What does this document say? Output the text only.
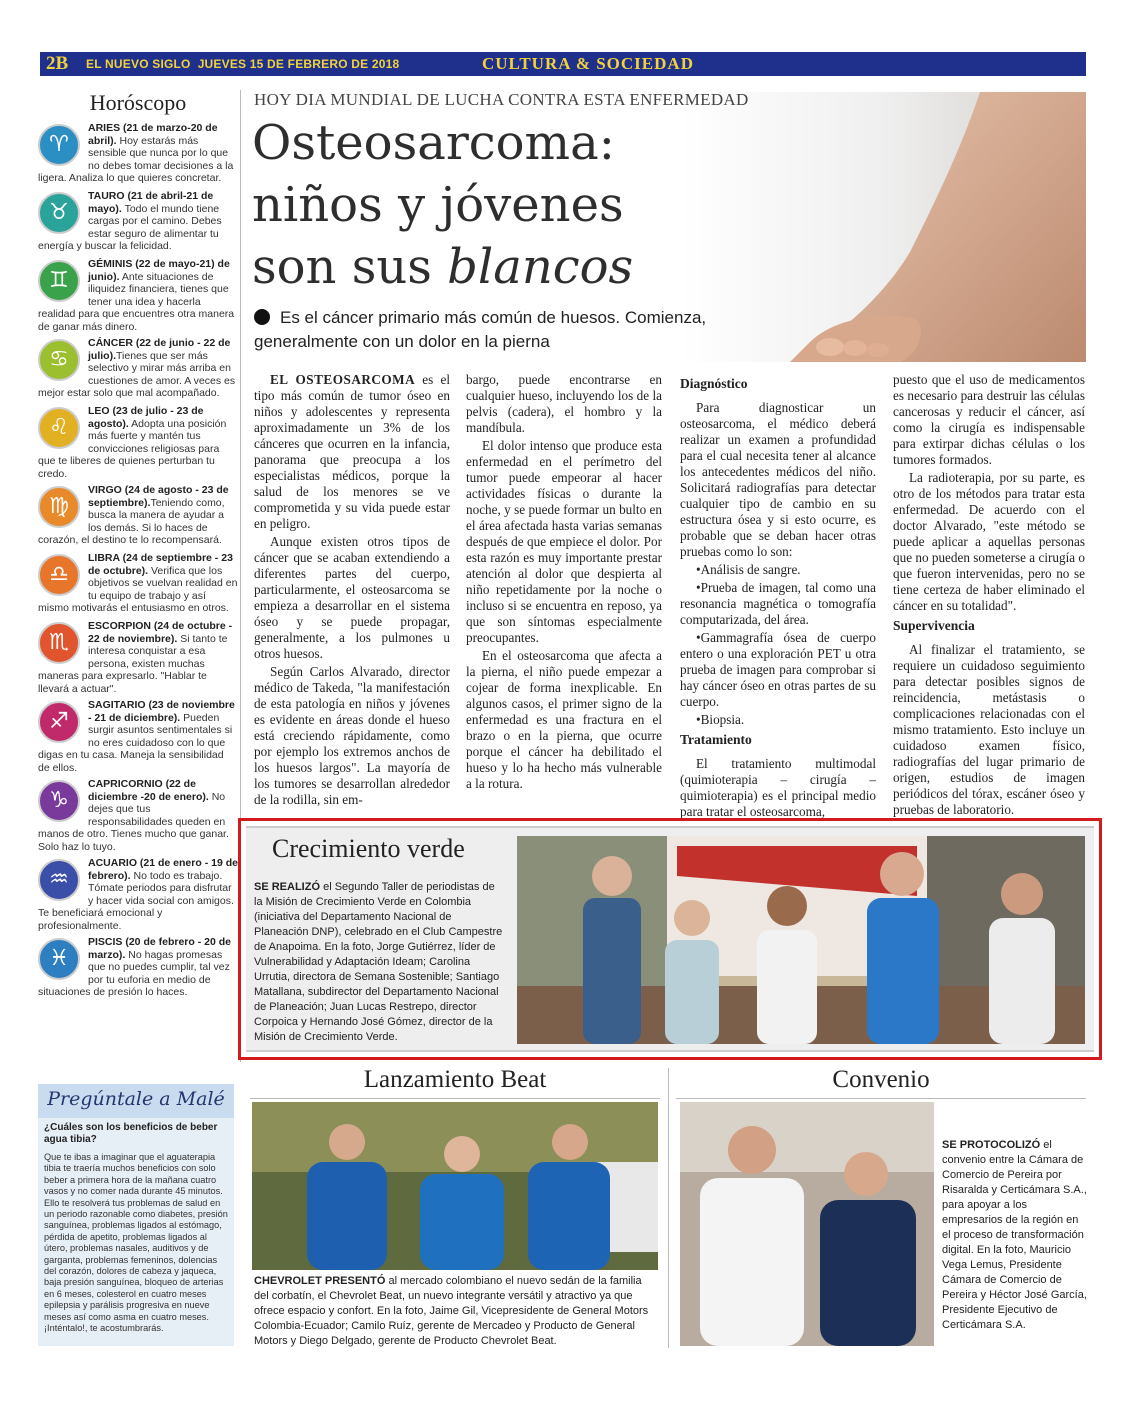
2B EL NUEVO SIGLO JUEVES 15 DE FEBRERO DE 2018	CULTURA & SOCIEDAD
Horóscopo
♈
ARIES (21 de marzo-20 de abril). Hoy estarás más sensible que nunca por lo que no debes tomar decisiones a la ligera. Analiza lo que quieres concretar.
♉
TAURO (21 de abril-21 de mayo). Todo el mundo tiene cargas por el camino. Debes estar seguro de alimentar tu energía y buscar la felicidad.
♊
GÉMINIS (22 de mayo-21) de junio). Ante situaciones de iliquidez financiera, tienes que tener una idea y hacerla realidad para que encuentres otra manera de ganar más dinero.
♋
CÁNCER (22 de junio - 22 de julio).Tienes que ser más selectivo y mirar más arriba en cuestiones de amor. A veces es mejor estar solo que mal acompañado.
♌
LEO (23 de julio - 23 de agosto). Adopta una posición más fuerte y mantén tus convicciones religiosas para que te liberes de quienes perturban tu credo.
♍
VIRGO (24 de agosto - 23 de septiembre).Teniendo como, busca la manera de ayudar a los demás. Si lo haces de corazón, el destino te lo recompensará.
♎
LIBRA (24 de septiembre - 23 de octubre). Verifica que los objetivos se vuelvan realidad en tu equipo de trabajo y así mismo motivarás el entusiasmo en otros.
♏
ESCORPION (24 de octubre - 22 de noviembre). Si tanto te interesa conquistar a esa persona, existen muchas maneras para expresarlo. "Hablar te llevará a actuar".
♐
SAGITARIO (23 de noviembre - 21 de diciembre). Pueden surgir asuntos sentimentales si no eres cuidadoso con lo que digas en tu casa. Maneja la sensibilidad de ellos.
♑
CAPRICORNIO (22 de diciembre -20 de enero). No dejes que tus responsabilidades queden en manos de otro. Tienes mucho que ganar. Solo haz lo tuyo.
♒
ACUARIO (21 de enero - 19 de febrero). No todo es trabajo. Tómate periodos para disfrutar y hacer vida social con amigos. Te beneficiará emocional y profesionalmente.
♓
PISCIS (20 de febrero - 20 de marzo). No hagas promesas que no puedes cumplir, tal vez por tu euforia en medio de situaciones de presión lo haces.
Pregúntale a Malé
¿Cuáles son los beneficios de beber agua tibia?
Que te ibas a imaginar que el aguaterapia tibia te traería muchos beneficios con solo beber a primera hora de la mañana cuatro vasos y no comer nada durante 45 minutos. Ello te resolverá tus problemas de salud en un periodo razonable como diabetes, presión sanguínea, problemas ligados al estómago, pérdida de apetito, problemas ligados al útero, problemas nasales, auditivos y de garganta, problemas femeninos, dolencias del corazón, dolores de cabeza y jaqueca, baja presión sanguínea, bloqueo de arterias en 6 meses, colesterol en cuatro meses epilepsia y parálisis progresiva en nueve meses así como asma en cuatro meses. ¡Inténtalo!, te acostumbrarás.
HOY DIA MUNDIAL DE LUCHA CONTRA ESTA ENFERMEDAD
Osteosarcoma:
niños y jóvenes
son sus blancos
Es el cáncer primario más común de huesos. Comienza, generalmente con un dolor en la pierna

EL OSTEOSARCOMA es el tipo más común de tumor óseo en niños y adolescentes y representa aproximadamente un 3% de los cánceres que ocurren en la infancia, panorama que preocupa a los especialistas médicos, porque la salud de los menores se ve comprometida y su vida puede estar en peligro.

Aunque existen otros tipos de cáncer que se acaban extendiendo a diferentes partes del cuerpo, particularmente, el osteosarcoma se empieza a desarrollar en el sistema óseo y se puede propagar, generalmente, a los pulmones u otros huesos.

Según Carlos Alvarado, director médico de Takeda, "la manifestación de esta patología en niños y jóvenes es evidente en áreas donde el hueso está creciendo rápidamente, como por ejemplo los extremos anchos de los huesos largos". La mayoría de los tumores se desarrollan alrededor de la rodilla, sin em-

bargo, puede encontrarse en cualquier hueso, incluyendo los de la pelvis (cadera), el hombro y la mandíbula.

El dolor intenso que produce esta enfermedad en el perímetro del tumor puede empeorar al hacer actividades físicas o durante la noche, y se puede formar un bulto en el área afectada hasta varias semanas después de que empiece el dolor. Por esta razón es muy importante prestar atención al dolor que despierta al niño repetidamente por la noche o incluso si se encuentra en reposo, ya que son síntomas especialmente preocupantes.

En el osteosarcoma que afecta a la pierna, el niño puede empezar a cojear de forma inexplicable. En algunos casos, el primer signo de la enfermedad es una fractura en el brazo o en la pierna, que ocurre porque el cáncer ha debilitado el hueso y lo ha hecho más vulnerable a la rotura.

Diagnóstico

Para diagnosticar un osteosarcoma, el médico deberá realizar un examen a profundidad para el cual necesita tener al alcance los antecedentes médicos del niño. Solicitará radiografías para detectar cualquier tipo de cambio en su estructura ósea y si esto ocurre, es probable que se deban hacer otras pruebas como lo son:

•Análisis de sangre.

•Prueba de imagen, tal como una resonancia magnética o tomografía computarizada, del área.

•Gammagrafía ósea de cuerpo entero o una exploración PET u otra prueba de imagen para comprobar si hay cáncer óseo en otras partes de su cuerpo.

•Biopsia.

Tratamiento

El tratamiento multimodal (quimioterapia – cirugía – quimioterapia) es el principal medio para tratar el osteosarcoma,

puesto que el uso de medicamentos es necesario para destruir las células cancerosas y reducir el cáncer, así como la cirugía es indispensable para extirpar dichas células o los tumores formados.

La radioterapia, por su parte, es otro de los métodos para tratar esta enfermedad. De acuerdo con el doctor Alvarado, "este método se puede aplicar a aquellas personas que no pueden someterse a cirugía o que fueron intervenidas, pero no se tiene certeza de haber eliminado el cáncer en su totalidad".

Supervivencia

Al finalizar el tratamiento, se requiere un cuidadoso seguimiento para detectar posibles signos de reincidencia, metástasis o complicaciones relacionadas con el mismo tratamiento. Esto incluye un cuidadoso examen físico, radiografías del lugar primario de origen, estudios de imagen periódicos del tórax, escáner óseo y pruebas de laboratorio.

Crecimiento verde
SE REALIZÓ el Segundo Taller de periodistas de la Misión de Crecimiento Verde en Colombia (iniciativa del Departamento Nacional de Planeación DNP), celebrado en el Club Campestre de Anapoima. En la foto, Jorge Gutiérrez, líder de Vulnerabilidad y Adaptación Ideam; Carolina Urrutia, directora de Semana Sostenible; Santiago Matallana, subdirector del Departamento Nacional de Planeación; Juan Lucas Restrepo, director Corpoica y Hernando José Gómez, director de la Misión de Crecimiento Verde.
Lanzamiento Beat	Convenio
CHEVROLET PRESENTÓ al mercado colombiano el nuevo sedán de la familia del corbatín, el Chevrolet Beat, un nuevo integrante versátil y atractivo ya que ofrece espacio y confort. En la foto, Jaime Gil, Vicepresidente de General Motors Colombia-Ecuador; Camilo Ruíz, gerente de Mercadeo y Producto de General Motors y Diego Delgado, gerente de Producto Chevrolet Beat.
SE PROTOCOLIZÓ el convenio entre la Cámara de Comercio de Pereira por Risaralda y Certicámara S.A., para apoyar a los empresarios de la región en el proceso de transformación digital. En la foto, Mauricio Vega Lemus, Presidente Cámara de Comercio de Pereira y Héctor José García, Presidente Ejecutivo de Certicámara S.A.
